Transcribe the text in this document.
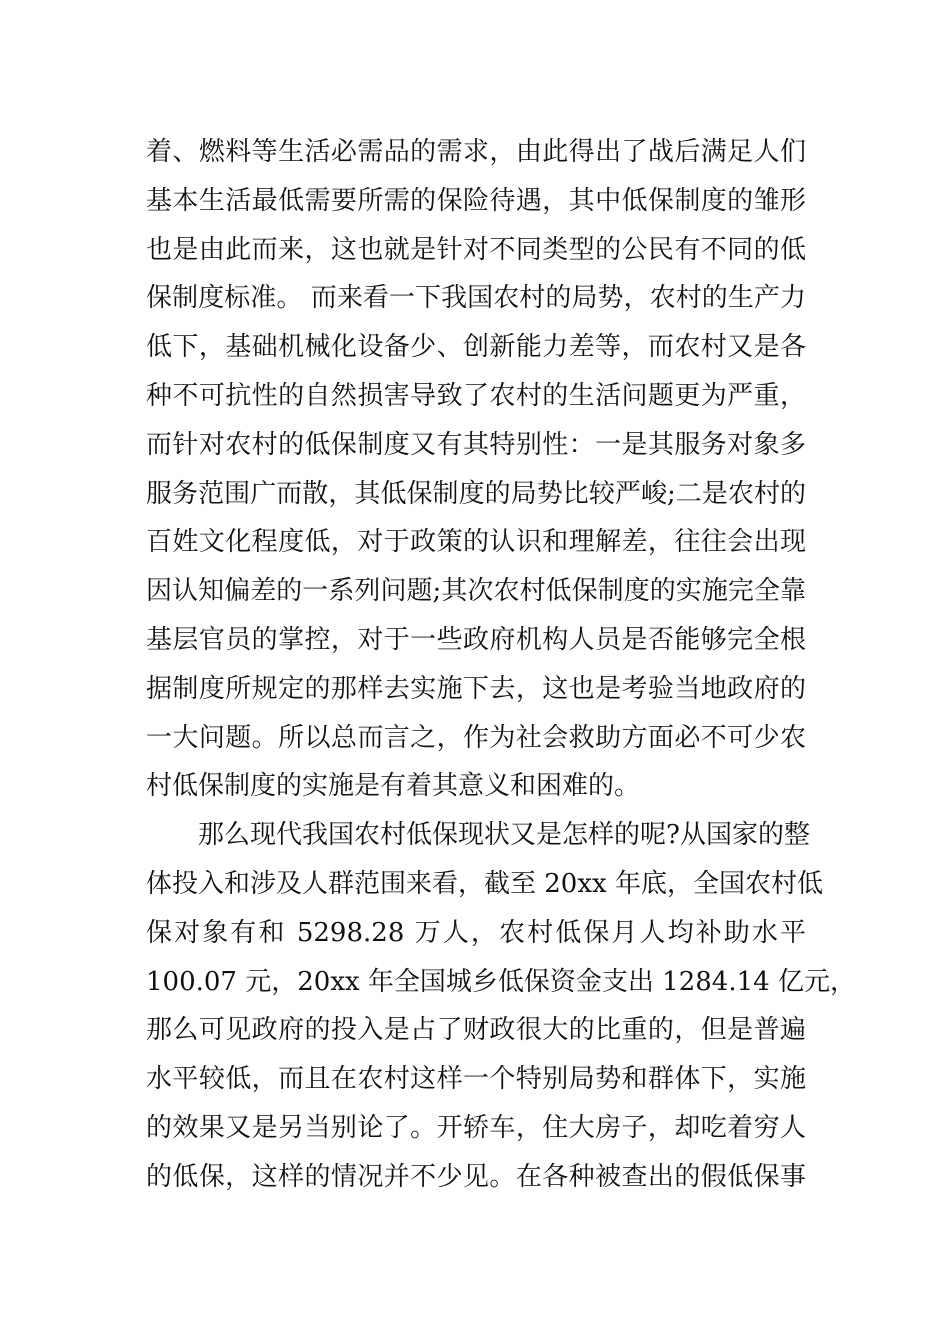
着、燃料等生活必需品的需求，由此得出了战后满足人们
基本生活最低需要所需的保险待遇，其中低保制度的雏形
也是由此而来，这也就是针对不同类型的公民有不同的低
保制度标准。 而来看一下我国农村的局势，农村的生产力
低下，基础机械化设备少、创新能力差等，而农村又是各
种不可抗性的自然损害导致了农村的生活问题更为严重，
而针对农村的低保制度又有其特别性：一是其服务对象多
服务范围广而散，其低保制度的局势比较严峻;二是农村的
百姓文化程度低，对于政策的认识和理解差，往往会出现
因认知偏差的一系列问题;其次农村低保制度的实施完全靠
基层官员的掌控，对于一些政府机构人员是否能够完全根
据制度所规定的那样去实施下去，这也是考验当地政府的
一大问题。所以总而言之，作为社会救助方面必不可少农
村低保制度的实施是有着其意义和困难的。
那么现代我国农村低保现状又是怎样的呢?从国家的整
体投入和涉及人群范围来看，截至 20xx 年底，全国农村低
保对象有和 5298.28 万人，农村低保月人均补助水平
100.07 元，20xx 年全国城乡低保资金支出 1284.14 亿元，
那么可见政府的投入是占了财政很大的比重的，但是普遍
水平较低，而且在农村这样一个特别局势和群体下，实施
的效果又是另当别论了。开轿车，住大房子，却吃着穷人
的低保，这样的情况并不少见。在各种被查出的假低保事
